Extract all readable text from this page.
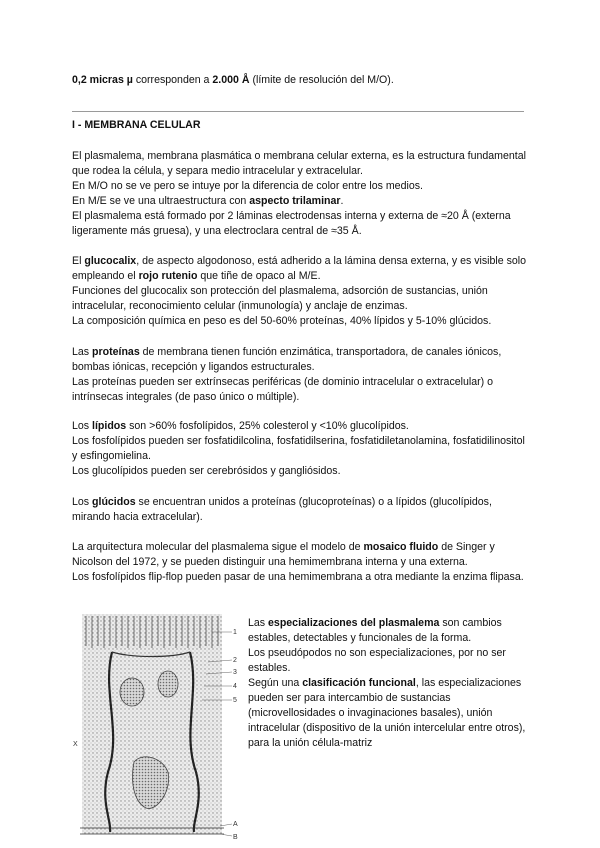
0,2 micras µ corresponden a 2.000 Å (límite de resolución del M/O).

I - MEMBRANA CELULAR

El plasmalema, membrana plasmática o membrana celular externa, es la estructura fundamental que rodea la célula, y separa medio intracelular y extracelular.
En M/O no se ve pero se intuye por la diferencia de color entre los medios.
En M/E se ve una ultraestructura con aspecto trilaminar.
El plasmalema está formado por 2 láminas electrodensas interna y externa de ≈20 Å (externa ligeramente más gruesa), y una electroclara central de ≈35 Å.

El glucocalix, de aspecto algodonoso, está adherido a la lámina densa externa, y es visible solo empleando el rojo rutenio que tiñe de opaco al M/E.
Funciones del glucocalix son protección del plasmalema, adsorción de sustancias, unión intracelular, reconocimiento celular (inmunología) y anclaje de enzimas.
La composición química en peso es del 50-60% proteínas, 40% lípidos y 5-10% glúcidos.

Las proteínas de membrana tienen función enzimática, transportadora, de canales iónicos, bombas iónicas, recepción y ligandos estructurales.
Las proteínas pueden ser extrínsecas periféricas (de dominio intracelular o extracelular) o intrínsecas integrales (de paso único o múltiple).

Los lípidos son >60% fosfolípidos, 25% colesterol y <10% glucolípidos.
Los fosfolípidos pueden ser fosfatidilcolina, fosfatidilserina, fosfatidiletanolamina, fosfatidilinositol y esfingomielina.
Los glucolípidos pueden ser cerebrósidos y gangliósidos.

Los glúcidos se encuentran unidos a proteínas (glucoproteínas) o a lípidos (glucolípidos, mirando hacia extracelular).

La arquitectura molecular del plasmalema sigue el modelo de mosaico fluido de Singer y Nicolson del 1972, y se pueden distinguir una hemimembrana interna y una externa.
Los fosfolípidos flip-flop pueden pasar de una hemimembrana a otra mediante la enzima flipasa.

1
2
3
4
5
A
B
X

Las especializaciones del plasmalema son cambios estables, detectables y funcionales de la forma.
Los pseudópodos no son especializaciones, por no ser estables.
Según una clasificación funcional, las especializaciones pueden ser para intercambio de sustancias (microvellosidades o invaginaciones basales), unión intracelular (dispositivo de la unión intercelular entre otros), para la unión célula-matriz
